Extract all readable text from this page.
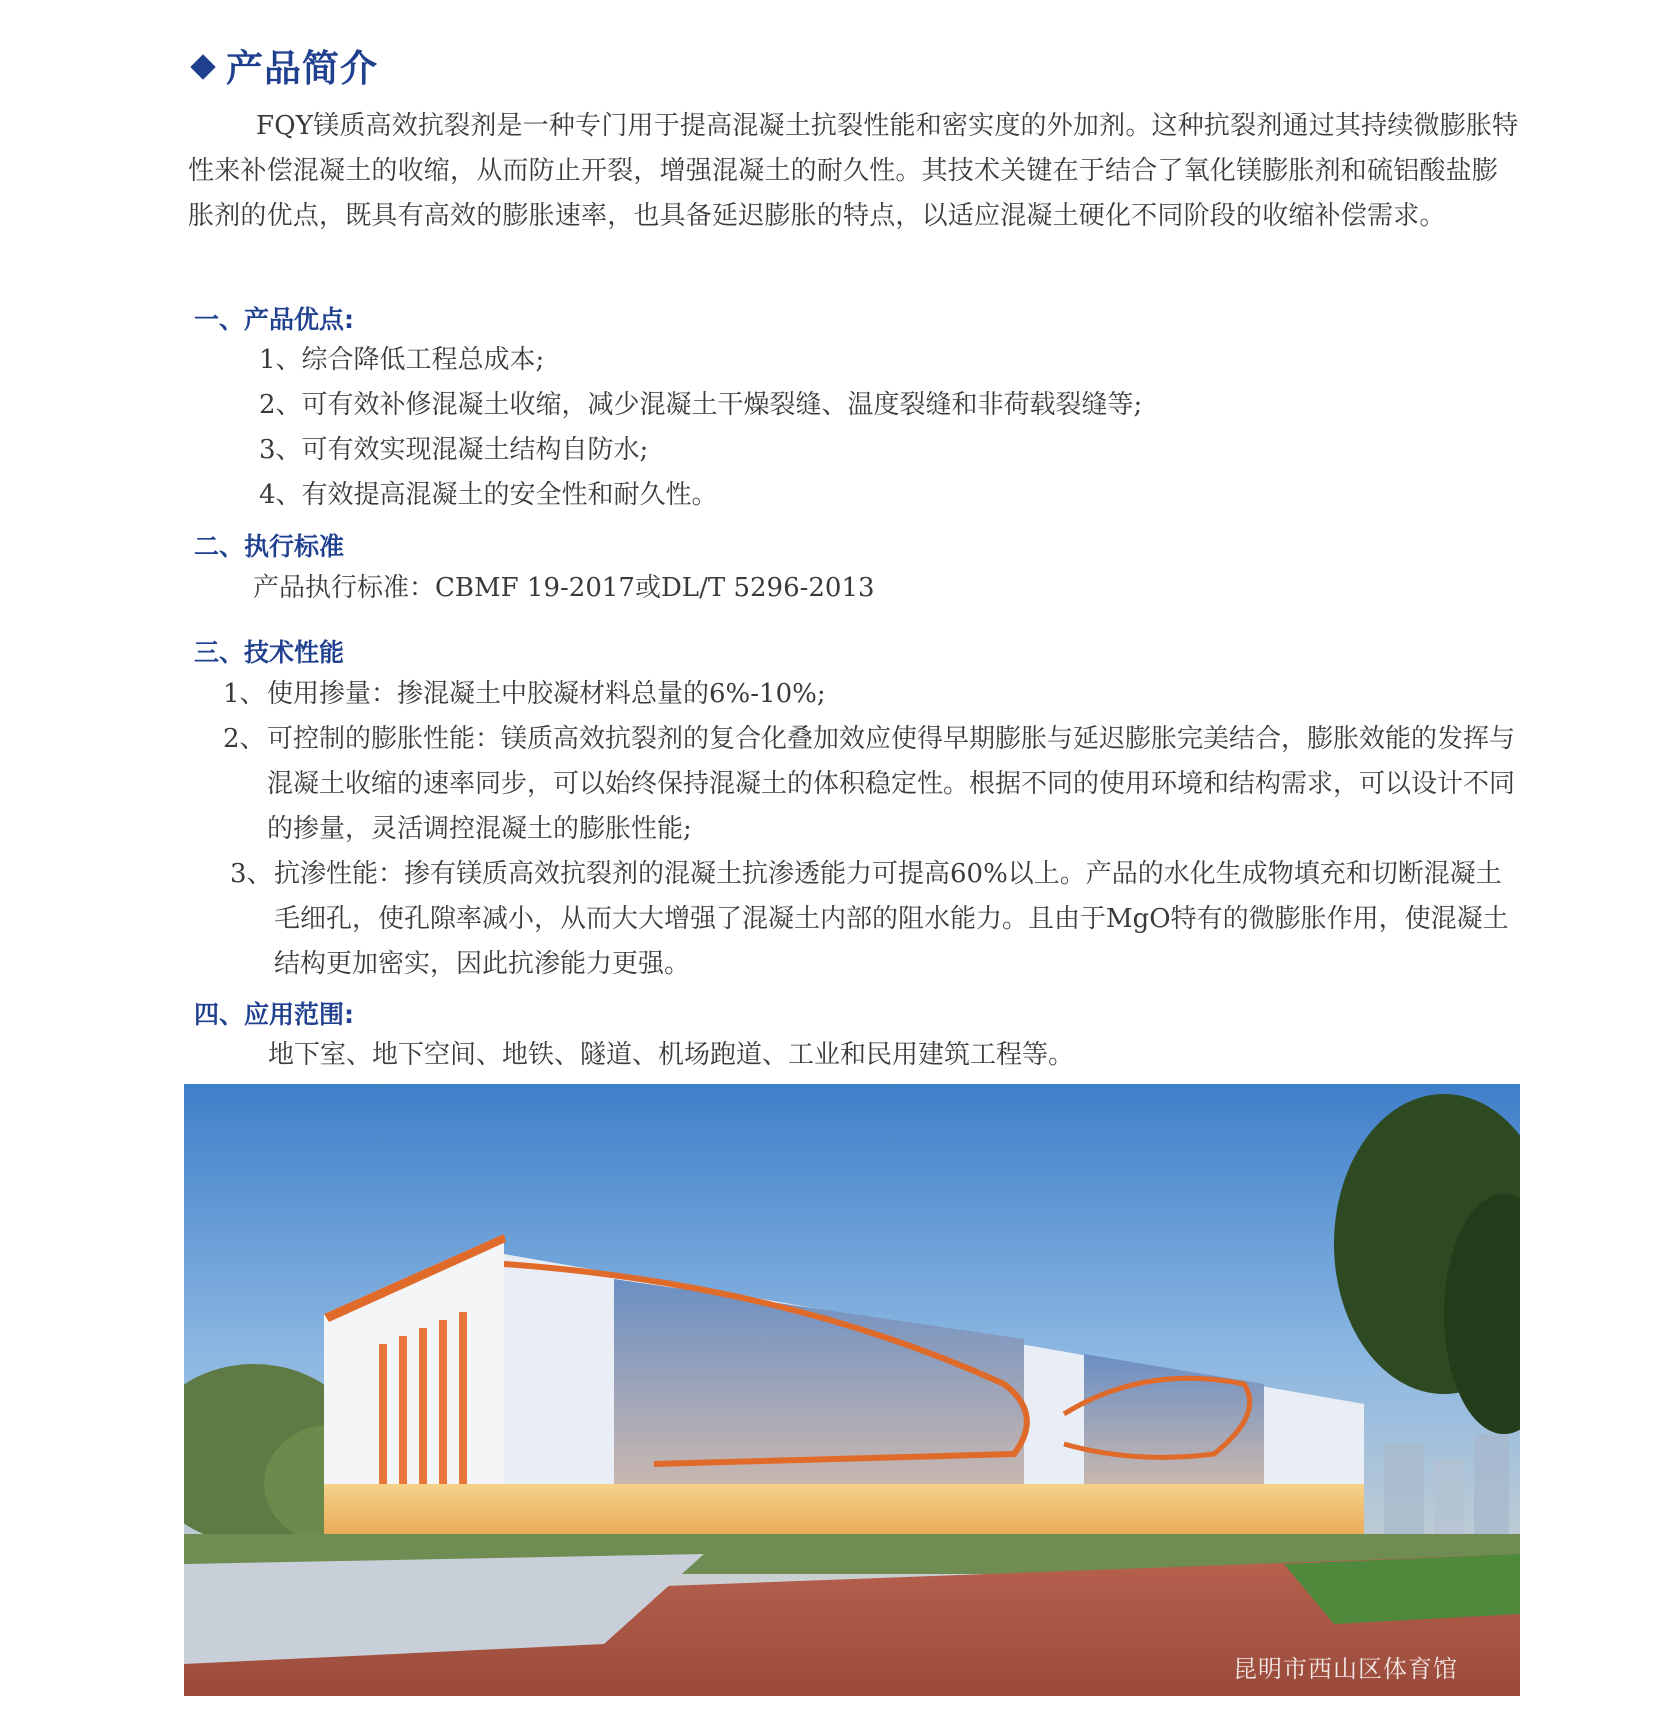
产品简介
FQY镁质高效抗裂剂是一种专门用于提高混凝土抗裂性能和密实度的外加剂。这种抗裂剂通过其持续微膨胀特性来补偿混凝土的收缩，从而防止开裂，增强混凝土的耐久性。其技术关键在于结合了氧化镁膨胀剂和硫铝酸盐膨胀剂的优点，既具有高效的膨胀速率，也具备延迟膨胀的特点，以适应混凝土硬化不同阶段的收缩补偿需求。
一、产品优点:
1、综合降低工程总成本;
2、可有效补修混凝土收缩，减少混凝土干燥裂缝、温度裂缝和非荷载裂缝等;
3、可有效实现混凝土结构自防水;
4、有效提高混凝土的安全性和耐久性。
二、执行标准
产品执行标准：CBMF 19-2017或DL/T 5296-2013
三、技术性能
1、 使用掺量：掺混凝土中胶凝材料总量的6%-10%;
2、 可控制的膨胀性能：镁质高效抗裂剂的复合化叠加效应使得早期膨胀与延迟膨胀完美结合，膨胀效能的发挥与混凝土收缩的速率同步，可以始终保持混凝土的体积稳定性。根据不同的使用环境和结构需求，可以设计不同的掺量，灵活调控混凝土的膨胀性能;
3、 抗渗性能：掺有镁质高效抗裂剂的混凝土抗渗透能力可提高60%以上。产品的水化生成物填充和切断混凝土毛细孔，使孔隙率减小，从而大大增强了混凝土内部的阻水能力。且由于MgO特有的微膨胀作用，使混凝土结构更加密实，因此抗渗能力更强。
四、应用范围:
地下室、地下空间、地铁、隧道、机场跑道、工业和民用建筑工程等。
昆明市西山区体育馆
